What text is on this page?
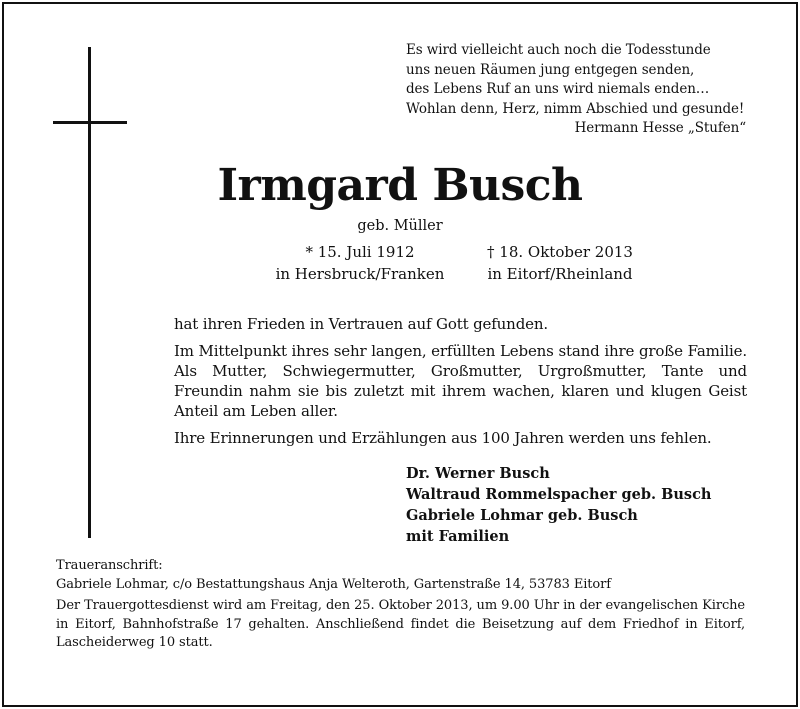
Es wird vielleicht auch noch die Todesstunde
uns neuen Räumen jung entgegen senden,
des Lebens Ruf an uns wird niemals enden…
Wohlan denn, Herz, nimm Abschied und gesunde!
Hermann Hesse „Stufen“
Irmgard Busch
geb. Müller
* 15. Juli 1912
in Hersbruck/Franken
† 18. Oktober 2013
in Eitorf/Rheinland

hat ihren Frieden in Vertrauen auf Gott gefunden.

Im Mittelpunkt ihres sehr langen, erfüllten Lebens stand ihre große Familie. Als Mutter, Schwiegermutter, Großmutter, Urgroßmutter, Tante und Freundin nahm sie bis zuletzt mit ihrem wachen, klaren und klugen Geist Anteil am Leben aller.

Ihre Erinnerungen und Erzählungen aus 100 Jahren werden uns fehlen.

Dr. Werner Busch
Waltraud Rommelspacher geb. Busch
Gabriele Lohmar geb. Busch
mit Familien
Traueranschrift:
Gabriele Lohmar, c/o Bestattungshaus Anja Welteroth, Gartenstraße 14, 53783 Eitorf

Der Trauergottesdienst wird am Freitag, den 25. Oktober 2013, um 9.00 Uhr in der evangelischen Kirche in Eitorf, Bahnhofstraße 17 gehalten. Anschließend findet die Beisetzung auf dem Friedhof in Eitorf, Lascheiderweg 10 statt.
